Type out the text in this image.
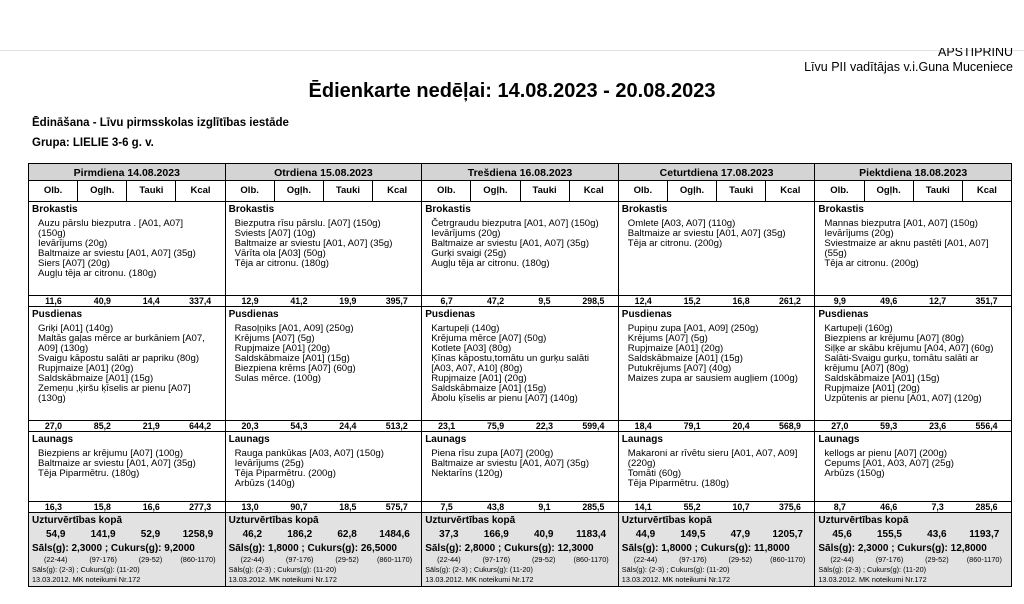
APSTIPRINU
Līvu PII vadītājas v.i.Guna Muceniece
Ēdienkarte nedēļai: 14.08.2023 - 20.08.2023
Ēdināšana - Līvu pirmsskolas izglītības iestāde
Grupa: LIELIE 3-6 g. v.
Pirmdiena 14.08.2023
Olb.	Ogļh.	Tauki	Kcal
Brokastis
Auzu pārslu biezputra . [A01, A07]
(150g)
Ievārījums (20g)
Baltmaize ar sviestu [A01, A07] (35g)
Siers [A07] (20g)
Augļu tēja ar citronu. (180g)
11,6	40,9	14,4	337,4
Pusdienas
Griķi [A01] (140g)
Maltās gaļas mērce ar burkāniem [A07,
A09] (130g)
Svaigu kāpostu salāti ar papriku (80g)
Rupjmaize [A01] (20g)
Saldskābmaize [A01] (15g)
Zemeņu ,ķiršu ķīselis ar pienu [A07]
(130g)
27,0	85,2	21,9	644,2
Launags
Biezpiens ar krējumu [A07] (100g)
Baltmaize ar sviestu [A01, A07] (35g)
Tēja Piparmētru. (180g)
16,3	15,8	16,6	277,3
Uzturvērtības kopā
54,9	141,9	52,9	1258,9
Sāls(g): 2,3000 ; Cukurs(g): 9,2000
(22-44)	(97-176)	(29-52)	(860-1170)
Sāls(g): (2-3) ; Cukurs(g): (11-20)
13.03.2012. MK noteikumi Nr.172
Otrdiena 15.08.2023
Olb.	Ogļh.	Tauki	Kcal
Brokastis
Biezputra rīsu pārslu. [A07] (150g)
Sviests [A07] (10g)
Baltmaize ar sviestu [A01, A07] (35g)
Vārīta ola [A03] (50g)
Tēja ar citronu. (180g)
12,9	41,2	19,9	395,7
Pusdienas
Rasoļņiks [A01, A09] (250g)
Krējums [A07] (5g)
Rupjmaize [A01] (20g)
Saldskābmaize [A01] (15g)
Biezpiena krēms [A07] (60g)
Sulas mērce. (100g)
20,3	54,3	24,4	513,2
Launags
Rauga pankūkas [A03, A07] (150g)
Ievārījums (25g)
Tēja Piparmētru. (200g)
Arbūzs (140g)
13,0	90,7	18,5	575,7
Uzturvērtības kopā
46,2	186,2	62,8	1484,6
Sāls(g): 1,8000 ; Cukurs(g): 26,5000
(22-44)	(97-176)	(29-52)	(860-1170)
Sāls(g): (2-3) ; Cukurs(g): (11-20)
13.03.2012. MK noteikumi Nr.172
Trešdiena 16.08.2023
Olb.	Ogļh.	Tauki	Kcal
Brokastis
Četrgraudu biezputra [A01, A07] (150g)
Ievārījums (20g)
Baltmaize ar sviestu [A01, A07] (35g)
Gurķi svaigi (25g)
Augļu tēja ar citronu. (180g)
6,7	47,2	9,5	298,5
Pusdienas
Kartupeļi (140g)
Krējuma mērce [A07] (50g)
Kotlete [A03] (80g)
Ķīnas kāpostu,tomātu un gurķu salāti
[A03, A07, A10] (80g)
Rupjmaize [A01] (20g)
Saldskābmaize [A01] (15g)
Ābolu ķīselis ar pienu [A07] (140g)
23,1	75,9	22,3	599,4
Launags
Piena rīsu zupa [A07] (200g)
Baltmaize ar sviestu [A01, A07] (35g)
Nektarīns (120g)
7,5	43,8	9,1	285,5
Uzturvērtības kopā
37,3	166,9	40,9	1183,4
Sāls(g): 2,8000 ; Cukurs(g): 12,3000
(22-44)	(97-176)	(29-52)	(860-1170)
Sāls(g): (2-3) ; Cukurs(g): (11-20)
13.03.2012. MK noteikumi Nr.172
Ceturtdiena 17.08.2023
Olb.	Ogļh.	Tauki	Kcal
Brokastis
Omlete [A03, A07] (110g)
Baltmaize ar sviestu [A01, A07] (35g)
Tēja ar citronu. (200g)
12,4	15,2	16,8	261,2
Pusdienas
Pupiņu zupa [A01, A09] (250g)
Krējums [A07] (5g)
Rupjmaize [A01] (20g)
Saldskābmaize [A01] (15g)
Putukrējums [A07] (40g)
Maizes zupa ar sausiem augļiem (100g)
18,4	79,1	20,4	568,9
Launags
Makaroni ar rīvētu sieru [A01, A07, A09]
(220g)
Tomāti (60g)
Tēja Piparmētru. (180g)
14,1	55,2	10,7	375,6
Uzturvērtības kopā
44,9	149,5	47,9	1205,7
Sāls(g): 1,8000 ; Cukurs(g): 11,8000
(22-44)	(97-176)	(29-52)	(860-1170)
Sāls(g): (2-3) ; Cukurs(g): (11-20)
13.03.2012. MK noteikumi Nr.172
Piektdiena 18.08.2023
Olb.	Ogļh.	Tauki	Kcal
Brokastis
Mannas biezputra [A01, A07] (150g)
Ievārījums (20g)
Sviestmaize ar aknu pastēti [A01, A07]
(55g)
Tēja ar citronu. (200g)
9,9	49,6	12,7	351,7
Pusdienas
Kartupeļi (160g)
Biezpiens ar krējumu [A07] (80g)
Siļķe ar skābu krējumu [A04, A07] (60g)
Salāti-Svaigu gurķu, tomātu salāti ar
krējumu [A07] (80g)
Saldskābmaize [A01] (15g)
Rupjmaize [A01] (20g)
Uzpūtenis ar pienu [A01, A07] (120g)
27,0	59,3	23,6	556,4
Launags
kellogs ar pienu [A07] (200g)
Cepums [A01, A03, A07] (25g)
Arbūzs (150g)
8,7	46,6	7,3	285,6
Uzturvērtības kopā
45,6	155,5	43,6	1193,7
Sāls(g): 2,3000 ; Cukurs(g): 12,8000
(22-44)	(97-176)	(29-52)	(860-1170)
Sāls(g): (2-3) ; Cukurs(g): (11-20)
13.03.2012. MK noteikumi Nr.172
